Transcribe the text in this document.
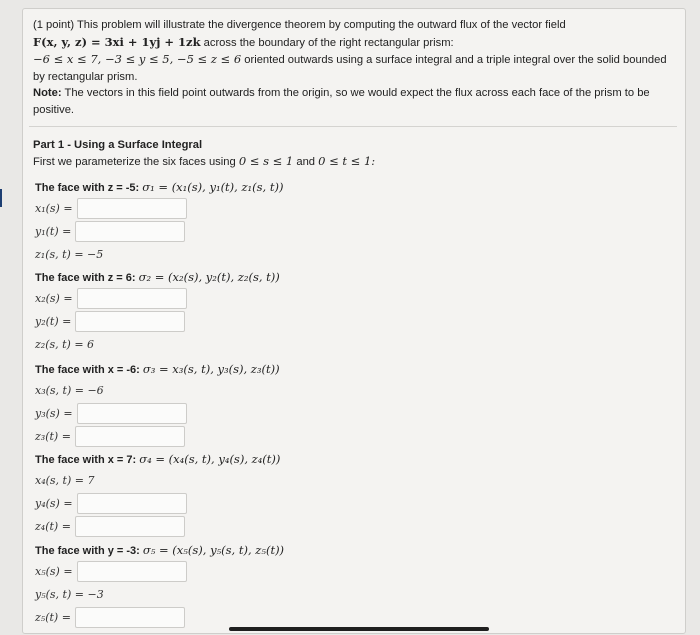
(1 point) This problem will illustrate the divergence theorem by computing the outward flux of the vector field

F(x, y, z) = 3xi + 1yj + 1zk across the boundary of the right rectangular prism:

−6 ≤ x ≤ 7, −3 ≤ y ≤ 5, −5 ≤ z ≤ 6 oriented outwards using a surface integral and a triple integral over the solid bounded by rectangular prism.

Note: The vectors in this field point outwards from the origin, so we would expect the flux across each face of the prism to be positive.

Part 1 - Using a Surface Integral
First we parameterize the six faces using 0 ≤ s ≤ 1 and 0 ≤ t ≤ 1:
The face with z = -5: σ₁ = (x₁(s), y₁(t), z₁(s, t))
x₁(s) =
y₁(t) =
z₁(s, t) = −5
The face with z = 6: σ₂ = (x₂(s), y₂(t), z₂(s, t))
x₂(s) =
y₂(t) =
z₂(s, t) = 6
The face with x = -6: σ₃ = x₃(s, t), y₃(s), z₃(t))
x₃(s, t) = −6
y₃(s) =
z₃(t) =
The face with x = 7: σ₄ = (x₄(s, t), y₄(s), z₄(t))
x₄(s, t) = 7
y₄(s) =
z₄(t) =
The face with y = -3: σ₅ = (x₅(s), y₅(s, t), z₅(t))
x₅(s) =
y₅(s, t) = −3
z₅(t) =
